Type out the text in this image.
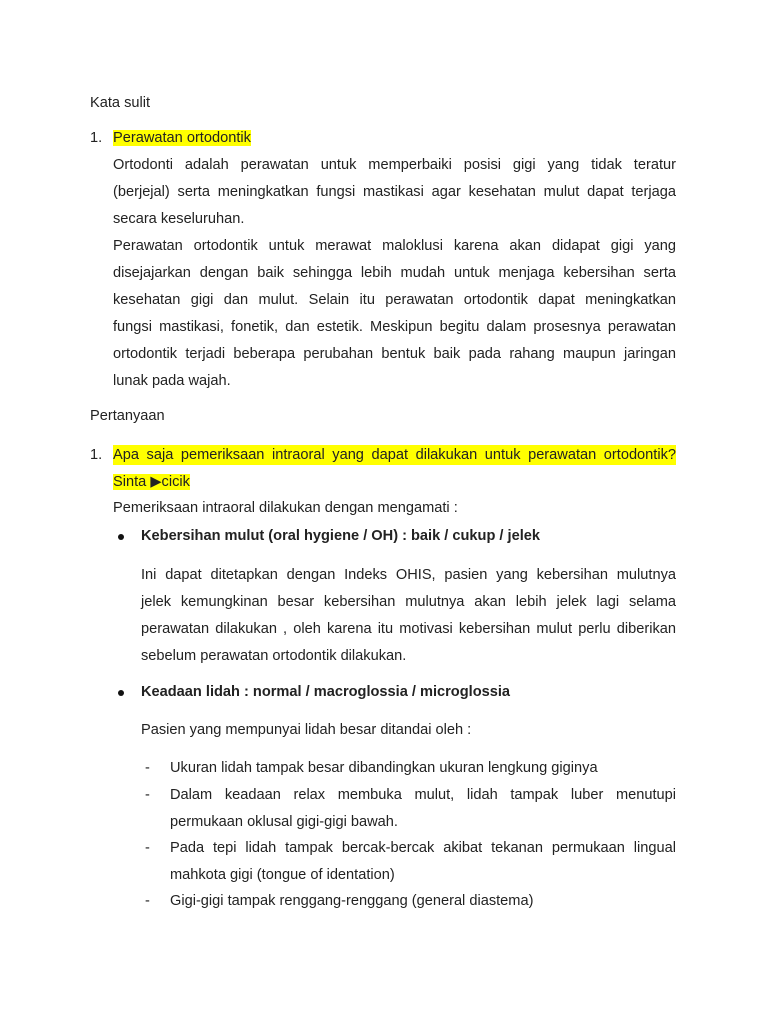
Kata sulit
1. Perawatan ortodontik
Ortodonti adalah perawatan untuk memperbaiki posisi gigi yang tidak teratur
(berjejal) serta meningkatkan fungsi mastikasi agar kesehatan mulut dapat terjaga
secara keseluruhan.
Perawatan ortodontik untuk merawat maloklusi karena akan didapat gigi yang
disejajarkan dengan baik sehingga lebih mudah untuk menjaga kebersihan serta
kesehatan gigi dan mulut. Selain itu perawatan ortodontik dapat meningkatkan
fungsi mastikasi, fonetik, dan estetik. Meskipun begitu dalam prosesnya perawatan
ortodontik terjadi beberapa perubahan bentuk baik pada rahang maupun jaringan
lunak pada wajah.
Pertanyaan
1. Apa saja pemeriksaan intraoral yang dapat dilakukan untuk perawatan ortodontik?
Sinta ▶cicik
Pemeriksaan intraoral dilakukan dengan mengamati :
Kebersihan mulut (oral hygiene / OH) : baik / cukup / jelek
Ini dapat ditetapkan dengan Indeks OHIS, pasien yang kebersihan mulutnya
jelek kemungkinan besar kebersihan mulutnya akan lebih jelek lagi selama
perawatan dilakukan , oleh karena itu motivasi kebersihan mulut perlu diberikan
sebelum perawatan ortodontik dilakukan.
Keadaan lidah : normal / macroglossia / microglossia
Pasien yang mempunyai lidah besar ditandai oleh :
- Ukuran lidah tampak besar dibandingkan ukuran lengkung giginya
- Dalam keadaan relax membuka mulut, lidah tampak luber menutupi
permukaan oklusal gigi-gigi bawah.
- Pada tepi lidah tampak bercak-bercak akibat tekanan permukaan lingual
mahkota gigi (tongue of identation)
- Gigi-gigi tampak renggang-renggang (general diastema)
